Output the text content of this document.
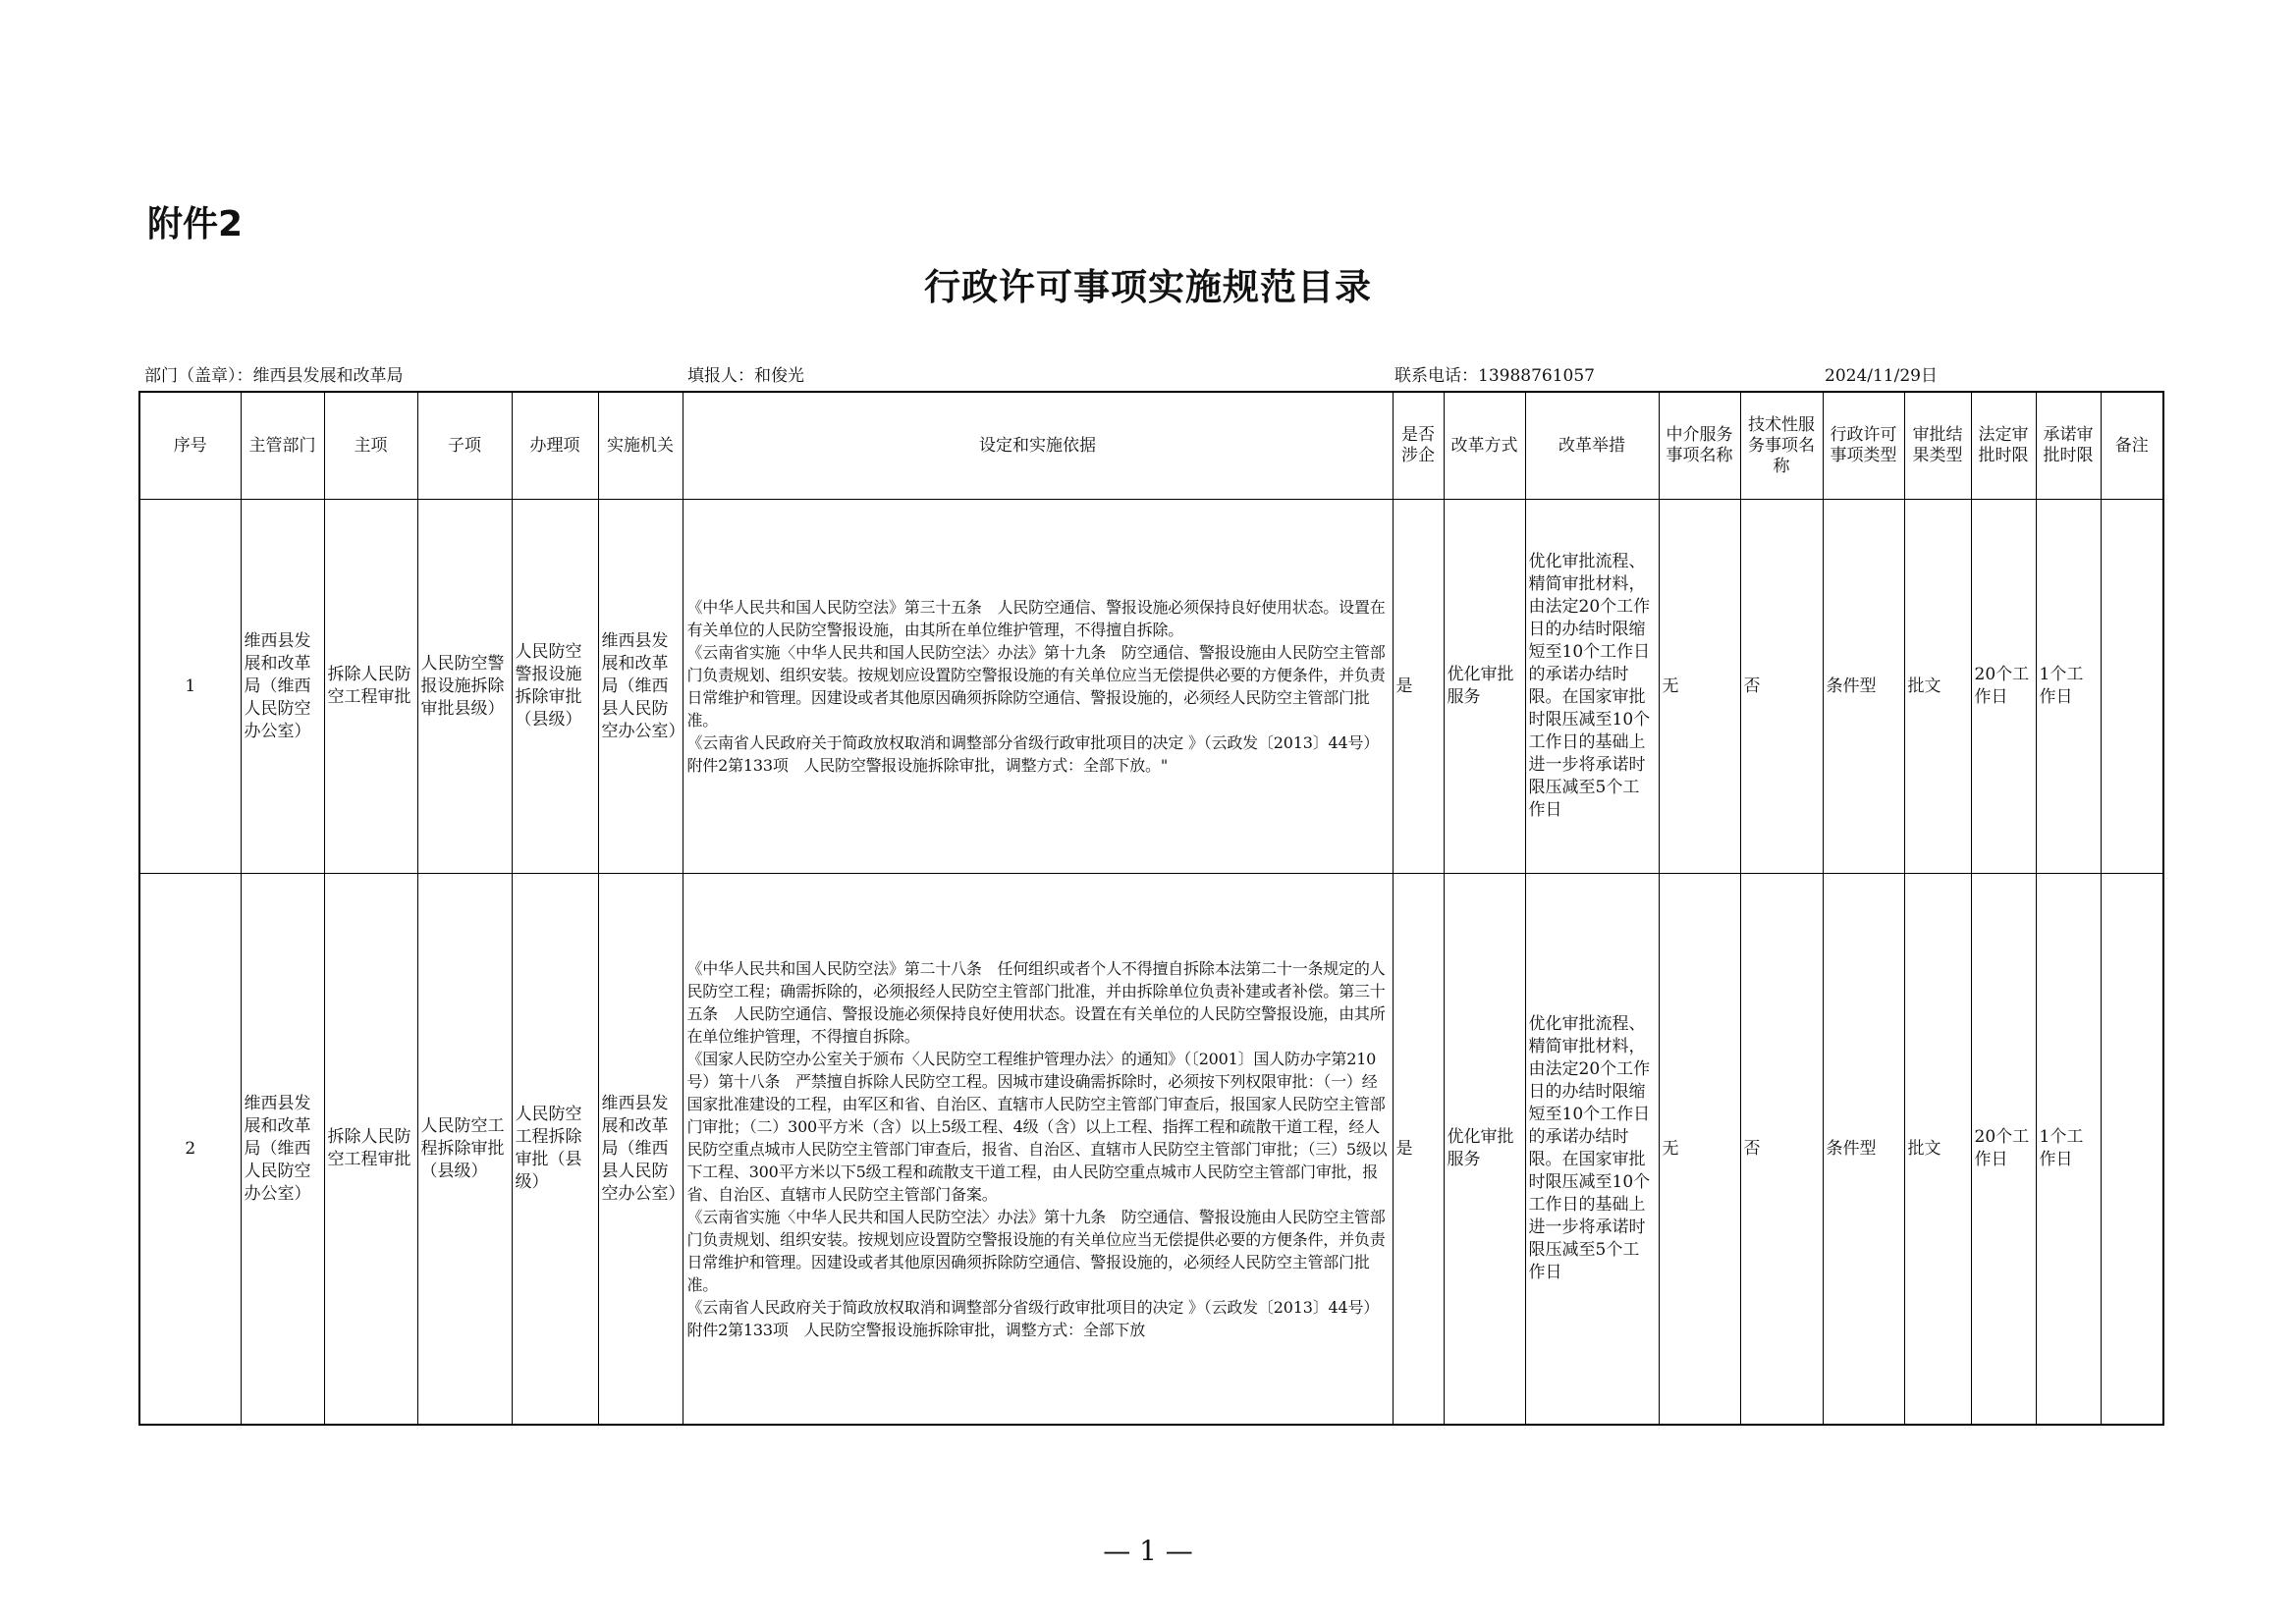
附件2
行政许可事项实施规范目录
部门（盖章）：维西县发展和改革局	填报人：和俊光	联系电话：13988761057	2024/11/29日
序号	主管部门	主项	子项	办理项	实施机关	设定和实施依据	是否涉企	改革方式	改革举措	中介服务事项名称	技术性服务事项名称	行政许可事项类型	审批结果类型	法定审批时限	承诺审批时限	备注
1	维西县发展和改革局（维西人民防空办公室）	拆除人民防空工程审批	人民防空警报设施拆除审批县级）	人民防空警报设施拆除审批（县级）	维西县发展和改革局（维西县人民防空办公室）	《中华人民共和国人民防空法》第三十五条　人民防空通信、警报设施必须保持良好使用状态。设置在有关单位的人民防空警报设施，由其所在单位维护管理，不得擅自拆除。

《云南省实施〈中华人民共和国人民防空法〉办法》第十九条　防空通信、警报设施由人民防空主管部门负责规划、组织安装。按规划应设置防空警报设施的有关单位应当无偿提供必要的方便条件，并负责日常维护和管理。因建设或者其他原因确须拆除防空通信、警报设施的，必须经人民防空主管部门批准。

《云南省人民政府关于简政放权取消和调整部分省级行政审批项目的决定 》（云政发〔2013〕44号）附件2第133项　人民防空警报设施拆除审批，调整方式：全部下放。"	是	优化审批服务	优化审批流程、精简审批材料，由法定20个工作日的办结时限缩短至10个工作日的承诺办结时限。在国家审批时限压减至10个工作日的基础上进一步将承诺时限压减至5个工作日	无	否	条件型	批文	20个工作日	1个工作日	
2	维西县发展和改革局（维西人民防空办公室）	拆除人民防空工程审批	人民防空工程拆除审批（县级）	人民防空工程拆除审批（县级）	维西县发展和改革局（维西县人民防空办公室）	《中华人民共和国人民防空法》第二十八条　任何组织或者个人不得擅自拆除本法第二十一条规定的人民防空工程；确需拆除的，必须报经人民防空主管部门批准，并由拆除单位负责补建或者补偿。第三十五条　人民防空通信、警报设施必须保持良好使用状态。设置在有关单位的人民防空警报设施，由其所在单位维护管理，不得擅自拆除。

《国家人民防空办公室关于颁布〈人民防空工程维护管理办法〉的通知》（〔2001〕国人防办字第210号）第十八条　严禁擅自拆除人民防空工程。因城市建设确需拆除时，必须按下列权限审批：（一）经国家批准建设的工程，由军区和省、自治区、直辖市人民防空主管部门审查后，报国家人民防空主管部门审批；（二）300平方米（含）以上5级工程、4级（含）以上工程、指挥工程和疏散干道工程，经人民防空重点城市人民防空主管部门审查后，报省、自治区、直辖市人民防空主管部门审批；（三）5级以下工程、300平方米以下5级工程和疏散支干道工程，由人民防空重点城市人民防空主管部门审批，报省、自治区、直辖市人民防空主管部门备案。

《云南省实施〈中华人民共和国人民防空法〉办法》第十九条　防空通信、警报设施由人民防空主管部门负责规划、组织安装。按规划应设置防空警报设施的有关单位应当无偿提供必要的方便条件，并负责日常维护和管理。因建设或者其他原因确须拆除防空通信、警报设施的，必须经人民防空主管部门批准。

《云南省人民政府关于简政放权取消和调整部分省级行政审批项目的决定 》（云政发〔2013〕44号）附件2第133项　人民防空警报设施拆除审批，调整方式：全部下放	是	优化审批服务	优化审批流程、精简审批材料，由法定20个工作日的办结时限缩短至10个工作日的承诺办结时限。在国家审批时限压减至10个工作日的基础上进一步将承诺时限压减至5个工作日	无	否	条件型	批文	20个工作日	1个工作日	
— 1 —
